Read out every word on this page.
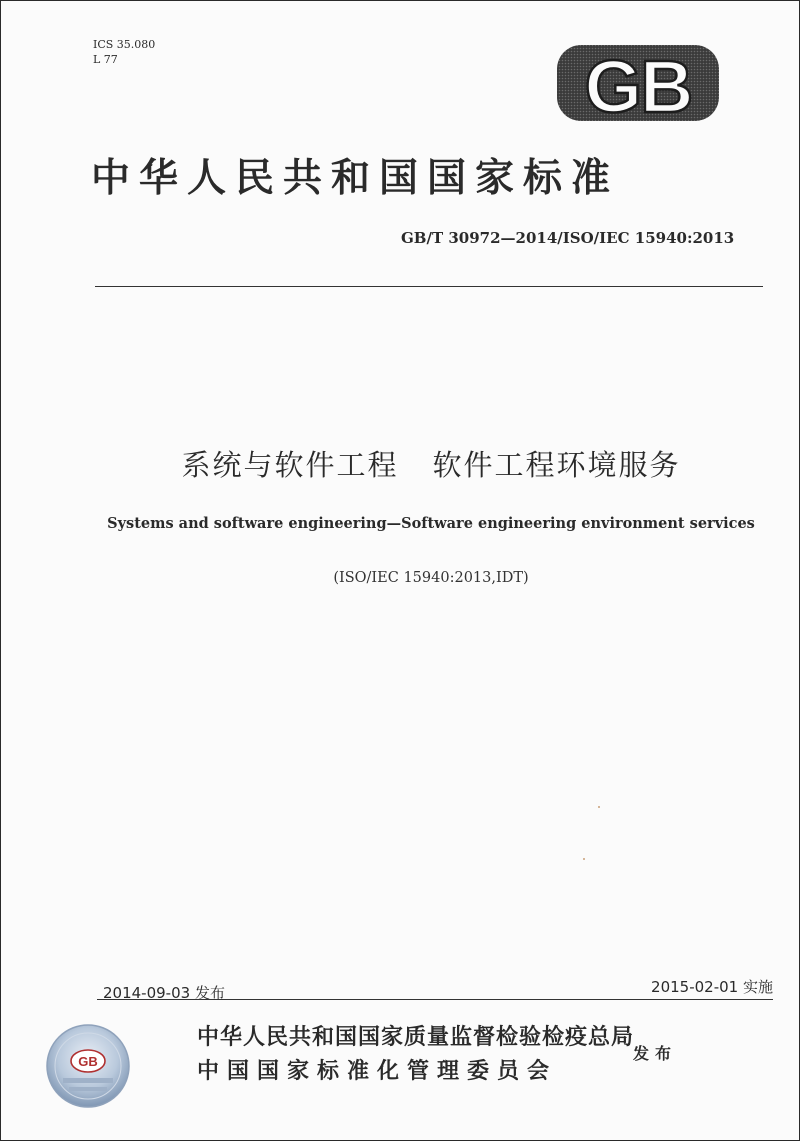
ICS 35.080
L 77	GB
中华人民共和国国家标准
GB/T 30972—2014/ISO/IEC 15940:2013
系统与软件工程 软件工程环境服务
Systems and software engineering—Software engineering environment services
(ISO/IEC 15940:2013,IDT)
2014-09-03 发布	2015-02-01 实施
GB
中华人民共和国国家质量监督检验检疫总局
中国国家标准化管理委员会
发布
